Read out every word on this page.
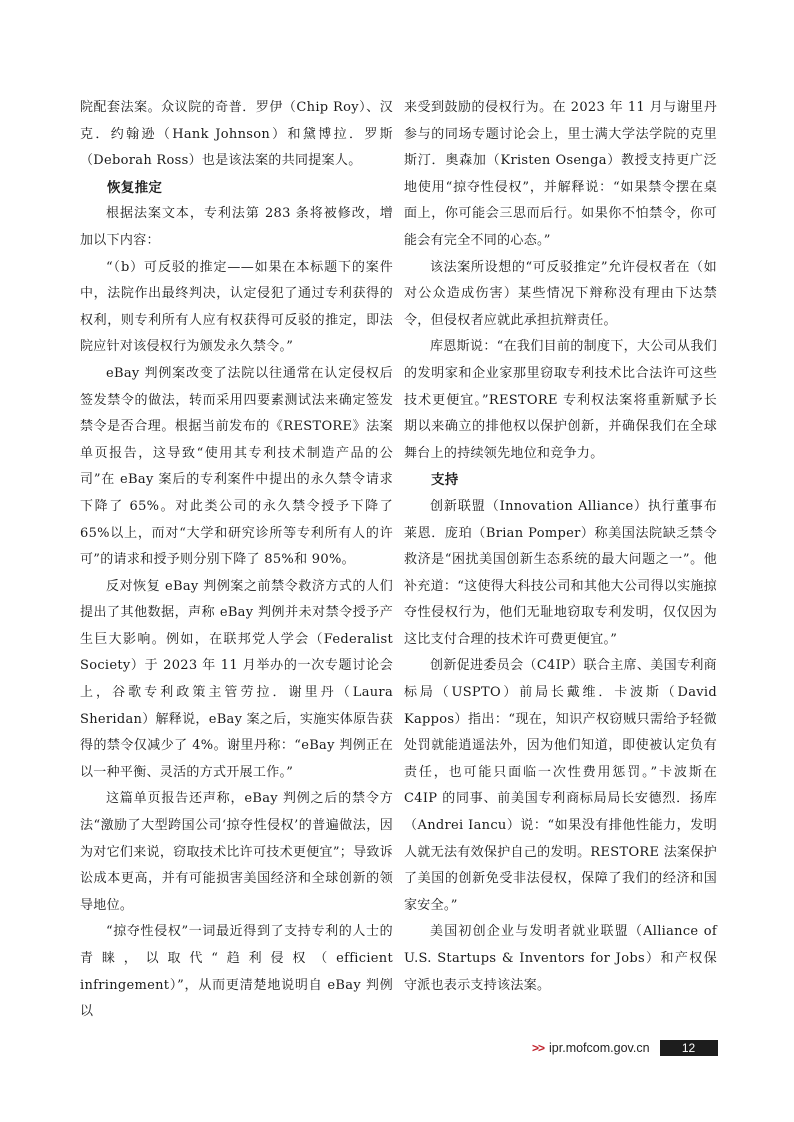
院配套法案。众议院的奇普．罗伊（Chip Roy）、汉克．约翰逊（Hank Johnson）和黛博拉．罗斯（Deborah Ross）也是该法案的共同提案人。

恢复推定

根据法案文本，专利法第 283 条将被修改，增加以下内容：

“（b）可反驳的推定——如果在本标题下的案件中，法院作出最终判决，认定侵犯了通过专利获得的权利，则专利所有人应有权获得可反驳的推定，即法院应针对该侵权行为颁发永久禁令。”

eBay 判例案改变了法院以往通常在认定侵权后签发禁令的做法，转而采用四要素测试法来确定签发禁令是否合理。根据当前发布的《RESTORE》法案单页报告，这导致“使用其专利技术制造产品的公司”在 eBay 案后的专利案件中提出的永久禁令请求下降了 65%。对此类公司的永久禁令授予下降了 65%以上，而对“大学和研究诊所等专利所有人的许可”的请求和授予则分别下降了 85%和 90%。

反对恢复 eBay 判例案之前禁令救济方式的人们提出了其他数据，声称 eBay 判例并未对禁令授予产生巨大影响。例如，在联邦党人学会（Federalist Society）于 2023 年 11 月举办的一次专题讨论会上，谷歌专利政策主管劳拉．谢里丹（Laura Sheridan）解释说，eBay 案之后，实施实体原告获得的禁令仅减少了 4%。谢里丹称：“eBay 判例正在以一种平衡、灵活的方式开展工作。”

这篇单页报告还声称，eBay 判例之后的禁令方法“激励了大型跨国公司‘掠夺性侵权’的普遍做法，因为对它们来说，窃取技术比许可技术更便宜”；导致诉讼成本更高，并有可能损害美国经济和全球创新的领导地位。

“掠夺性侵权”一词最近得到了支持专利的人士的青睐，以取代“趋利侵权（efficient infringement）”，从而更清楚地说明自 eBay 判例以

来受到鼓励的侵权行为。在 2023 年 11 月与谢里丹参与的同场专题讨论会上，里士满大学法学院的克里斯汀．奥森加（Kristen Osenga）教授支持更广泛地使用“掠夺性侵权”，并解释说：“如果禁令摆在桌面上，你可能会三思而后行。如果你不怕禁令，你可能会有完全不同的心态。”

该法案所设想的“可反驳推定”允许侵权者在（如对公众造成伤害）某些情况下辩称没有理由下达禁令，但侵权者应就此承担抗辩责任。

库恩斯说：“在我们目前的制度下，大公司从我们的发明家和企业家那里窃取专利技术比合法许可这些技术更便宜。”RESTORE 专利权法案将重新赋予长期以来确立的排他权以保护创新，并确保我们在全球舞台上的持续领先地位和竞争力。

支持

创新联盟（Innovation Alliance）执行董事布莱恩．庞珀（Brian Pomper）称美国法院缺乏禁令救济是“困扰美国创新生态系统的最大问题之一”。他补充道：“这使得大科技公司和其他大公司得以实施掠夺性侵权行为，他们无耻地窃取专利发明，仅仅因为这比支付合理的技术许可费更便宜。”

创新促进委员会（C4IP）联合主席、美国专利商标局（USPTO）前局长戴维．卡波斯（David Kappos）指出：“现在，知识产权窃贼只需给予轻微处罚就能逍遥法外，因为他们知道，即使被认定负有责任，也可能只面临一次性费用惩罚。”卡波斯在 C4IP 的同事、前美国专利商标局局长安德烈．扬库（Andrei Iancu）说：“如果没有排他性能力，发明人就无法有效保护自己的发明。RESTORE 法案保护了美国的创新免受非法侵权，保障了我们的经济和国家安全。”

美国初创企业与发明者就业联盟（Alliance of U.S. Startups & Inventors for Jobs）和产权保守派也表示支持该法案。

>> ipr.mofcom.gov.cn	12
